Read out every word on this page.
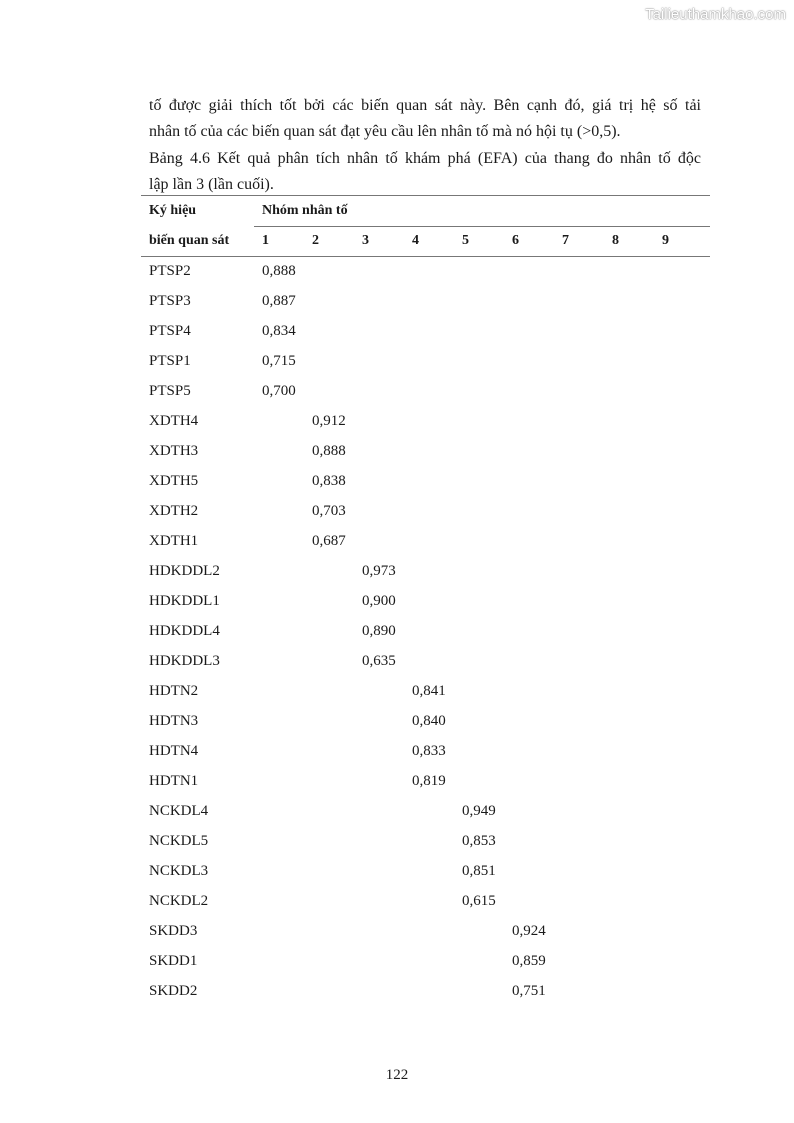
Tailieuthamkhao.com

tố được giải thích tốt bởi các biến quan sát này. Bên cạnh đó, giá trị hệ số tải
nhân tố của các biến quan sát đạt yêu cầu lên nhân tố mà nó hội tụ (>0,5).

Bảng 4.6 Kết quả phân tích nhân tố khám phá (EFA) của thang đo nhân tố độc
lập lần 3 (lần cuối).

Ký hiệu	Nhóm nhân tố								
biến quan sát	1	2	3	4	5	6	7	8	9
PTSP2	0,888								
PTSP3	0,887								
PTSP4	0,834								
PTSP1	0,715								
PTSP5	0,700								
XDTH4		0,912							
XDTH3		0,888							
XDTH5		0,838							
XDTH2		0,703							
XDTH1		0,687							
HDKDDL2			0,973						
HDKDDL1			0,900						
HDKDDL4			0,890						
HDKDDL3			0,635						
HDTN2				0,841					
HDTN3				0,840					
HDTN4				0,833					
HDTN1				0,819					
NCKDL4					0,949				
NCKDL5					0,853				
NCKDL3					0,851				
NCKDL2					0,615				
SKDD3						0,924			
SKDD1						0,859			
SKDD2						0,751			
122
